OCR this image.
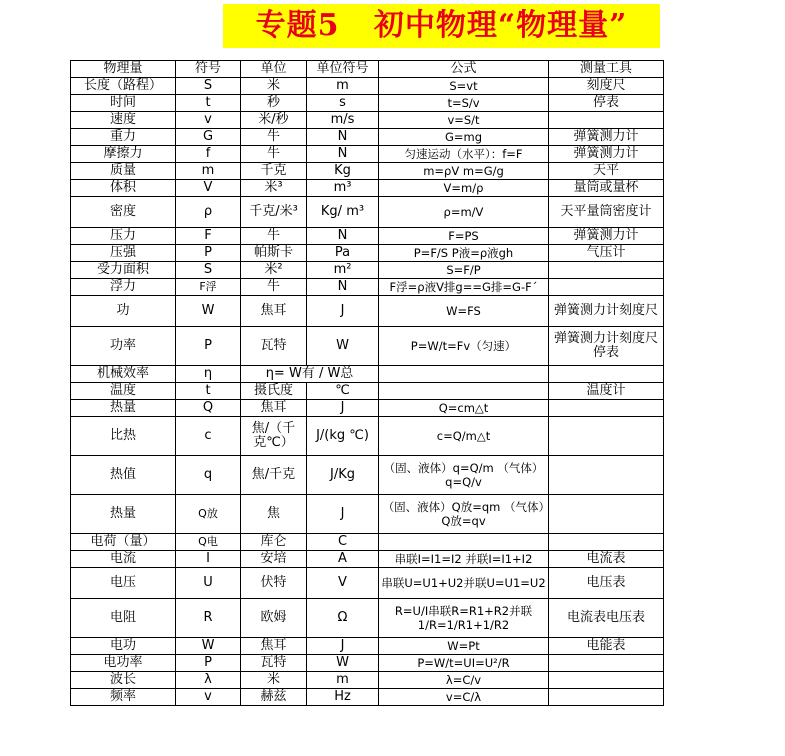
专题5   初中物理“物理量”
物理量	符号	单位	单位符号	公式	测量工具
长度（路程）	S	米	m	S=vt	刻度尺
时间	t	秒	s	t=S/v	停表
速度	v	米/秒	m/s	v=S/t	
重力	G	牛	N	G=mg	弹簧测力计
摩擦力	f	牛	N	匀速运动（水平）：f=F	弹簧测力计
质量	m	千克	Kg	m=ρV m=G/g	天平
体积	V	米³	m³	V=m/ρ	量筒或量杯
密度	ρ	千克/米³	Kg/ m³	ρ=m/V	天平量筒密度计
压力	F	牛	N	F=PS	弹簧测力计
压强	P	帕斯卡	Pa	P=F/S P液=ρ液gh	气压计
受力面积	S	米²	m²	S=F/P	
浮力	F浮	牛	N	F浮=ρ液V排g==G排=G-F´	
功	W	焦耳	J	W=FS	弹簧测力计刻度尺
功率	P	瓦特	W	P=W/t=Fv（匀速）	弹簧测力计刻度尺停表
机械效率	η	η= W有 / W总			
温度	t	摄氏度	℃		温度计
热量	Q	焦耳	J	Q=cm△t	
比热	c	焦/（千克℃）	J/(kg ℃)	c=Q/m△t	
热值	q	焦/千克	J/Kg	（固、液体）q=Q/m （气体）q=Q/v	
热量	Q放	焦	J	（固、液体）Q放=qm （气体）Q放=qv	
电荷（量）	Q电	库仑	C		
电流	I	安培	A	串联I=I1=I2 并联I=I1+I2	电流表
电压	U	伏特	V	串联U=U1+U2并联U=U1=U2	电压表
电阻	R	欧姆	Ω	R=U/I串联R=R1+R2并联1/R=1/R1+1/R2	电流表电压表
电功	W	焦耳	J	W=Pt	电能表
电功率	P	瓦特	W	P=W/t=UI=U²/R	
波长	λ	米	m	λ=C/v	
频率	v	赫兹	Hz	v=C/λ	
